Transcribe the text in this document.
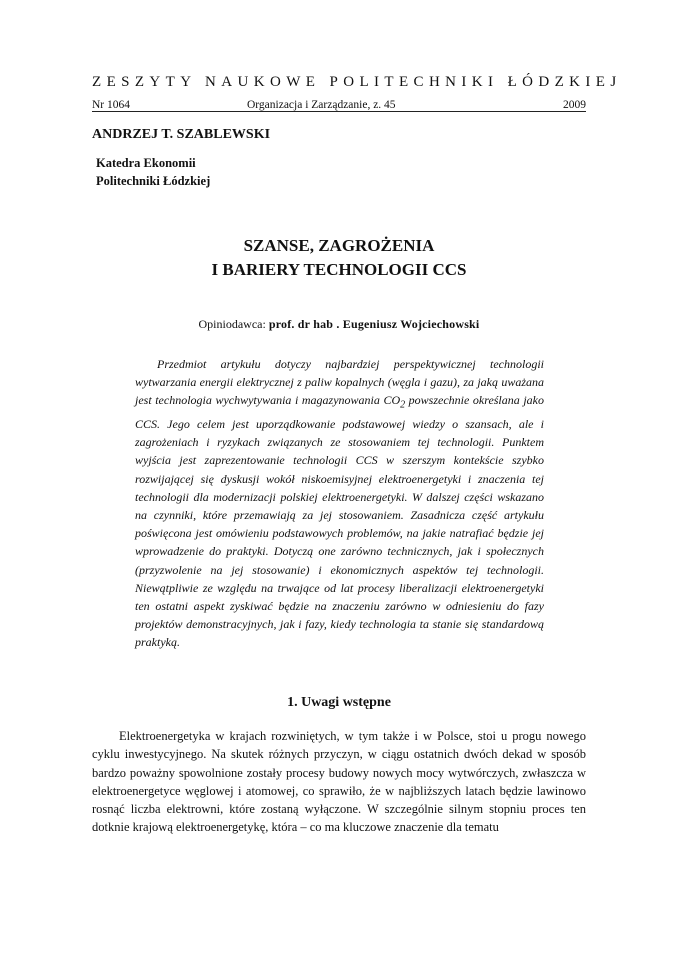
ZESZYTY NAUKOWE POLITECHNIKI ŁÓDZKIEJ
Nr 1064	Organizacja i Zarządzanie, z. 45	2009
ANDRZEJ T. SZABLEWSKI
Katedra Ekonomii
Politechniki Łódzkiej
SZANSE, ZAGROŻENIA
I BARIERY TECHNOLOGII CCS
Opiniodawca: prof. dr hab . Eugeniusz Wojciechowski

Przedmiot artykułu dotyczy najbardziej perspektywicznej technologii wytwarzania energii elektrycznej z paliw kopalnych (węgla i gazu), za jaką uważana jest technologia wychwytywania i magazynowania $CO_2$ powszechnie określana jako CCS. Jego celem jest uporządkowanie podstawowej wiedzy o szansach, ale i zagrożeniach i ryzykach związanych ze stosowaniem tej technologii. Punktem wyjścia jest zaprezentowanie technologii CCS w szerszym kontekście szybko rozwijającej się dyskusji wokół niskoemisyjnej elektroenergetyki i znaczenia tej technologii dla modernizacji polskiej elektroenergetyki. W dalszej części wskazano na czynniki, które przemawiają za jej stosowaniem. Zasadnicza część artykułu poświęcona jest omówieniu podstawowych problemów, na jakie natrafiać będzie jej wprowadzenie do praktyki. Dotyczą one zarówno technicznych, jak i społecznych (przyzwolenie na jej stosowanie) i ekonomicznych aspektów tej technologii. Niewątpliwie ze względu na trwające od lat procesy liberalizacji elektroenergetyki ten ostatni aspekt zyskiwać będzie na znaczeniu zarówno w odniesieniu do fazy projektów demonstracyjnych, jak i fazy, kiedy technologia ta stanie się standardową praktyką.

1. Uwagi wstępne

Elektroenergetyka w krajach rozwiniętych, w tym także i w Polsce, stoi u progu nowego cyklu inwestycyjnego. Na skutek różnych przyczyn, w ciągu ostatnich dwóch dekad w sposób bardzo poważny spowolnione zostały procesy budowy nowych mocy wytwórczych, zwłaszcza w elektroenergetyce węglowej i atomowej, co sprawiło, że w najbliższych latach będzie lawinowo rosnąć liczba elektrowni, które zostaną wyłączone. W szczególnie silnym stopniu proces ten dotknie krajową elektroenergetykę, która – co ma kluczowe znaczenie dla tematu
